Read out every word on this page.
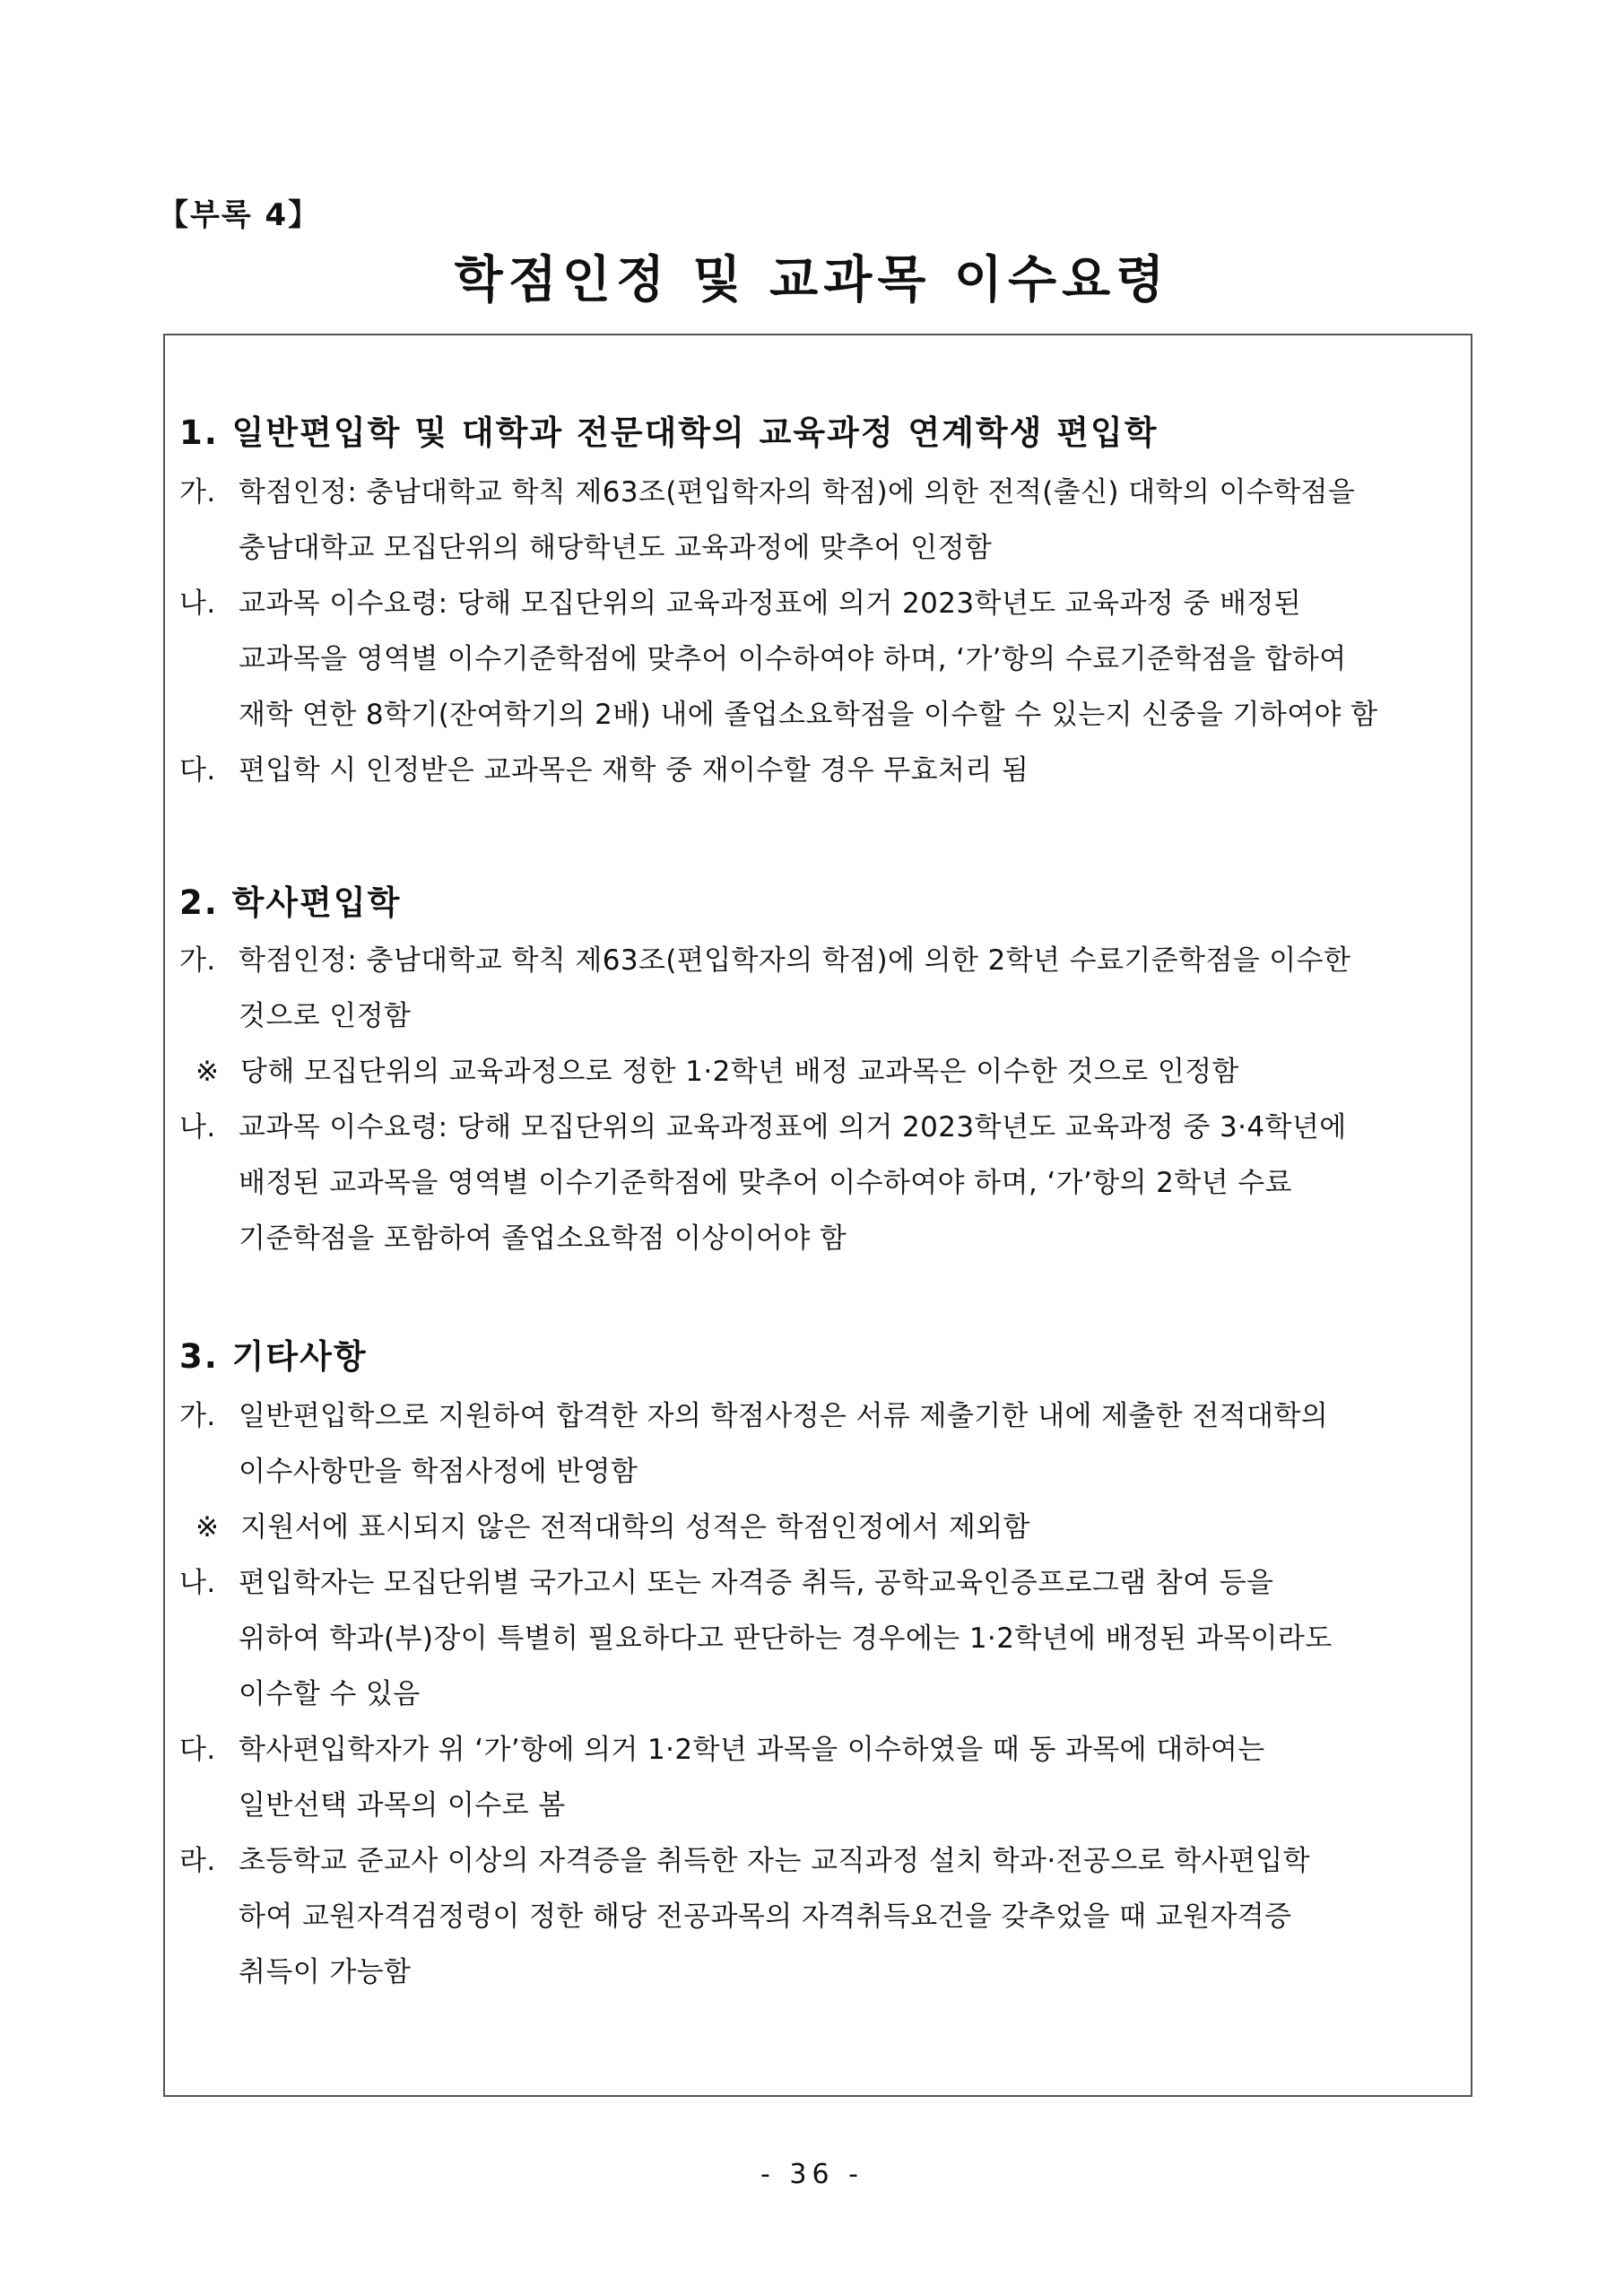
【부록 4】
학점인정 및 교과목 이수요령
1. 일반편입학 및 대학과 전문대학의 교육과정 연계학생 편입학
가. 학점인정: 충남대학교 학칙 제63조(편입학자의 학점)에 의한 전적(출신) 대학의 이수학점을
충남대학교 모집단위의 해당학년도 교육과정에 맞추어 인정함
나. 교과목 이수요령: 당해 모집단위의 교육과정표에 의거 2023학년도 교육과정 중 배정된
교과목을 영역별 이수기준학점에 맞추어 이수하여야 하며, ‘가’항의 수료기준학점을 합하여
재학 연한 8학기(잔여학기의 2배) 내에 졸업소요학점을 이수할 수 있는지 신중을 기하여야 함
다. 편입학 시 인정받은 교과목은 재학 중 재이수할 경우 무효처리 됨
2. 학사편입학
가. 학점인정: 충남대학교 학칙 제63조(편입학자의 학점)에 의한 2학년 수료기준학점을 이수한
것으로 인정함
※ 당해 모집단위의 교육과정으로 정한 1·2학년 배정 교과목은 이수한 것으로 인정함
나. 교과목 이수요령: 당해 모집단위의 교육과정표에 의거 2023학년도 교육과정 중 3·4학년에
배정된 교과목을 영역별 이수기준학점에 맞추어 이수하여야 하며, ‘가’항의 2학년 수료
기준학점을 포함하여 졸업소요학점 이상이어야 함
3. 기타사항
가. 일반편입학으로 지원하여 합격한 자의 학점사정은 서류 제출기한 내에 제출한 전적대학의
이수사항만을 학점사정에 반영함
※ 지원서에 표시되지 않은 전적대학의 성적은 학점인정에서 제외함
나. 편입학자는 모집단위별 국가고시 또는 자격증 취득, 공학교육인증프로그램 참여 등을
위하여 학과(부)장이 특별히 필요하다고 판단하는 경우에는 1·2학년에 배정된 과목이라도
이수할 수 있음
다. 학사편입학자가 위 ‘가’항에 의거 1·2학년 과목을 이수하였을 때 동 과목에 대하여는
일반선택 과목의 이수로 봄
라. 초등학교 준교사 이상의 자격증을 취득한 자는 교직과정 설치 학과·전공으로 학사편입학
하여 교원자격검정령이 정한 해당 전공과목의 자격취득요건을 갖추었을 때 교원자격증
취득이 가능함
- 36 -
